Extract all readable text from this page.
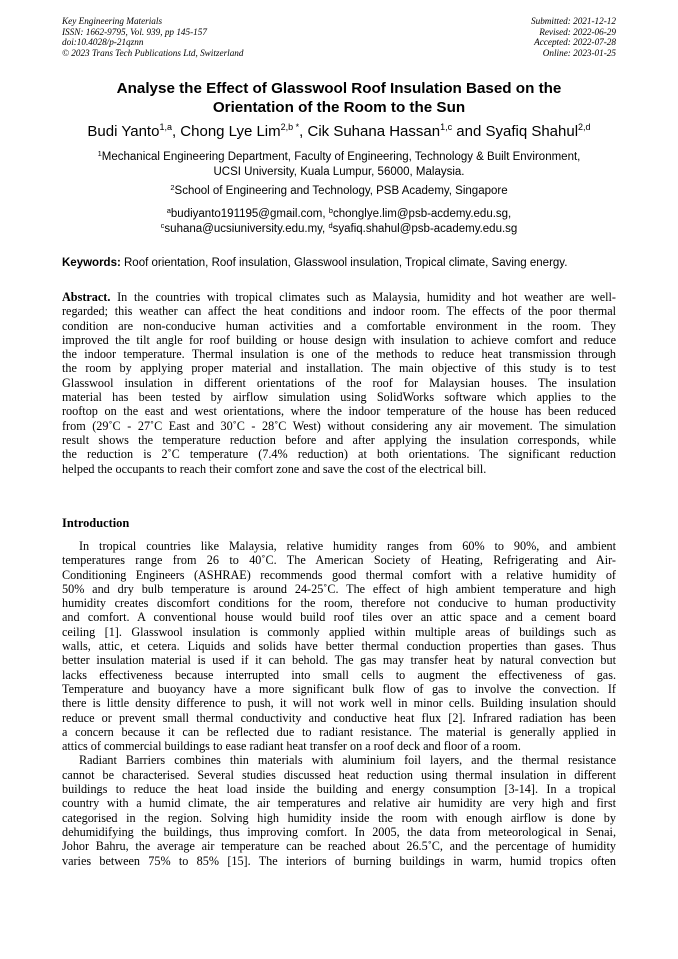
Key Engineering Materials
ISSN: 1662-9795, Vol. 939, pp 145-157
doi:10.4028/p-21qznn
© 2023 Trans Tech Publications Ltd, Switzerland
Submitted: 2021-12-12
Revised: 2022-06-29
Accepted: 2022-07-28
Online: 2023-01-25
Analyse the Effect of Glasswool Roof Insulation Based on the
Orientation of the Room to the Sun
Budi Yanto$^{1,a}$, Chong Lye Lim$^{2,b *}$, Cik Suhana Hassan$^{1,c}$ and Syafiq Shahul$^{2,d}$
$^1$Mechanical Engineering Department, Faculty of Engineering, Technology & Built Environment,
UCSI University, Kuala Lumpur, 56000, Malaysia.
$^2$School of Engineering and Technology, PSB Academy, Singapore
$^a$budiyanto191195@gmail.com, $^b$chonglye.lim@psb-acdemy.edu.sg,
$^c$suhana@ucsiuniversity.edu.my, $^d$syafiq.shahul@psb-academy.edu.sg
Keywords: Roof orientation, Roof insulation, Glasswool insulation, Tropical climate, Saving energy.
Abstract. In the countries with tropical climates such as Malaysia, humidity and hot weather are well-
regarded; this weather can affect the heat conditions and indoor room. The effects of the poor thermal
condition are non-conducive human activities and a comfortable environment in the room. They
improved the tilt angle for roof building or house design with insulation to achieve comfort and reduce
the indoor temperature. Thermal insulation is one of the methods to reduce heat transmission through
the room by applying proper material and installation. The main objective of this study is to test
Glasswool insulation in different orientations of the roof for Malaysian houses. The insulation
material has been tested by airflow simulation using SolidWorks software which applies to the
rooftop on the east and west orientations, where the indoor temperature of the house has been reduced
from (29˚C - 27˚C East and 30˚C - 28˚C West) without considering any air movement. The simulation
result shows the temperature reduction before and after applying the insulation corresponds, while
the reduction is 2˚C temperature (7.4% reduction) at both orientations. The significant reduction
helped the occupants to reach their comfort zone and save the cost of the electrical bill.
Introduction
In tropical countries like Malaysia, relative humidity ranges from 60% to 90%, and ambient
temperatures range from 26 to 40˚C. The American Society of Heating, Refrigerating and Air-
Conditioning Engineers (ASHRAE) recommends good thermal comfort with a relative humidity of
50% and dry bulb temperature is around 24-25˚C. The effect of high ambient temperature and high
humidity creates discomfort conditions for the room, therefore not conducive to human productivity
and comfort. A conventional house would build roof tiles over an attic space and a cement board
ceiling [1]. Glasswool insulation is commonly applied within multiple areas of buildings such as
walls, attic, et cetera. Liquids and solids have better thermal conduction properties than gases. Thus
better insulation material is used if it can behold. The gas may transfer heat by natural convection but
lacks effectiveness because interrupted into small cells to augment the effectiveness of gas.
Temperature and buoyancy have a more significant bulk flow of gas to involve the convection. If
there is little density difference to push, it will not work well in minor cells. Building insulation should
reduce or prevent small thermal conductivity and conductive heat flux [2]. Infrared radiation has been
a concern because it can be reflected due to radiant resistance. The material is generally applied in
attics of commercial buildings to ease radiant heat transfer on a roof deck and floor of a room.
Radiant Barriers combines thin materials with aluminium foil layers, and the thermal resistance
cannot be characterised. Several studies discussed heat reduction using thermal insulation in different
buildings to reduce the heat load inside the building and energy consumption [3-14]. In a tropical
country with a humid climate, the air temperatures and relative air humidity are very high and first
categorised in the region. Solving high humidity inside the room with enough airflow is done by
dehumidifying the buildings, thus improving comfort. In 2005, the data from meteorological in Senai,
Johor Bahru, the average air temperature can be reached about 26.5˚C, and the percentage of humidity
varies between 75% to 85% [15]. The interiors of burning buildings in warm, humid tropics often
